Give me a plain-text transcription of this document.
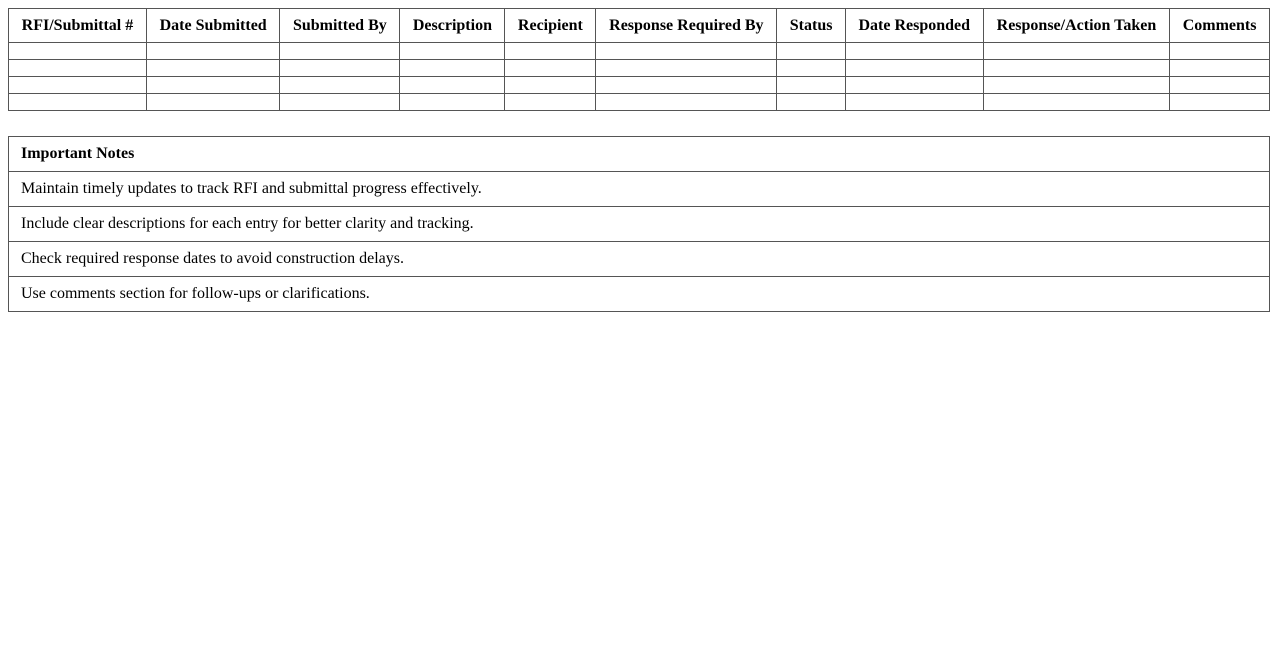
RFI/Submittal #	Date Submitted	Submitted By	Description	Recipient	Response Required By	Status	Date Responded	Response/Action Taken	Comments

Important Notes
Maintain timely updates to track RFI and submittal progress effectively.
Include clear descriptions for each entry for better clarity and tracking.
Check required response dates to avoid construction delays.
Use comments section for follow-ups or clarifications.
